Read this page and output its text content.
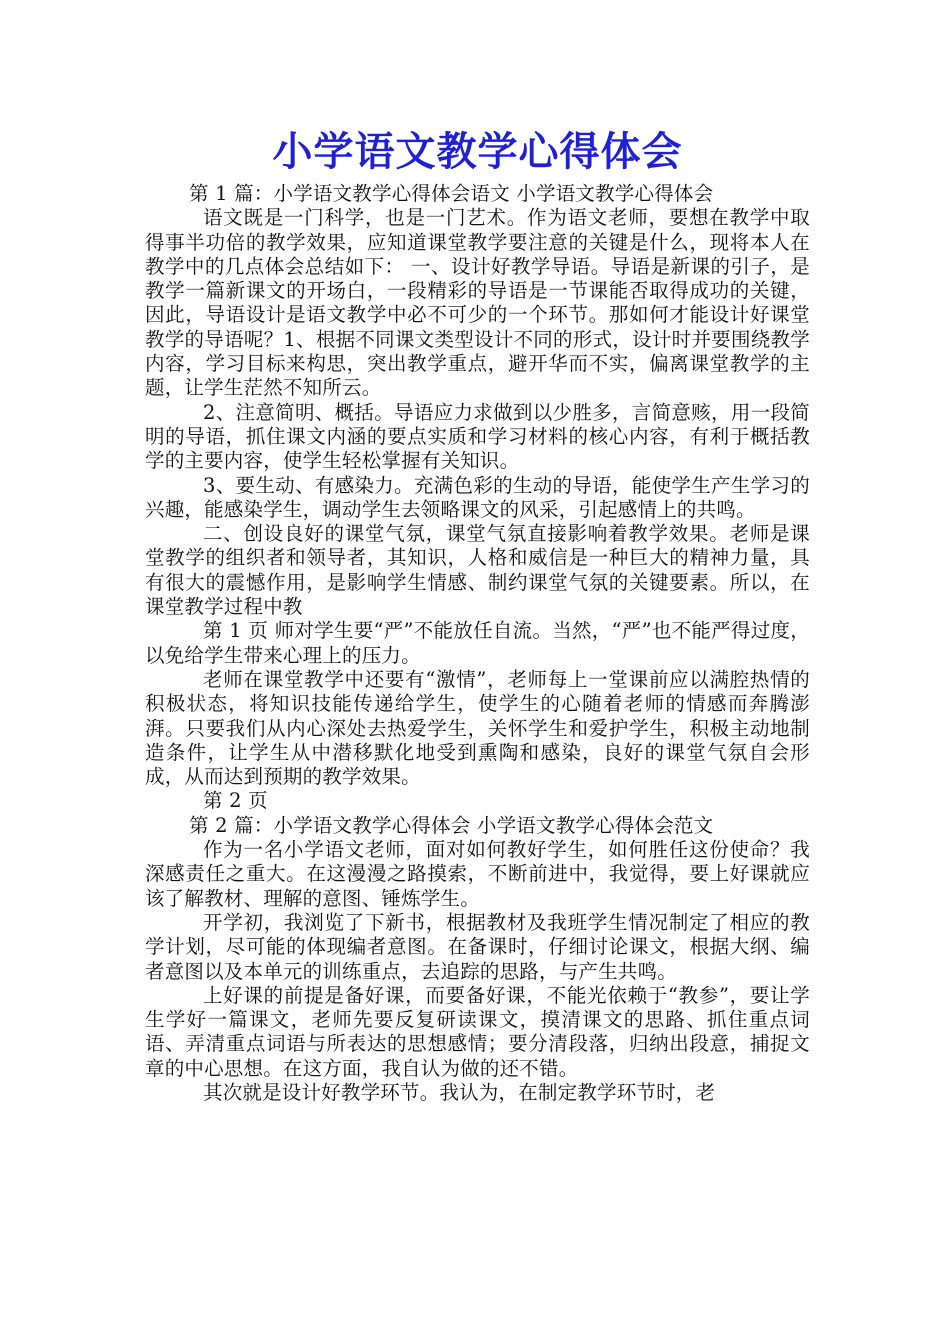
小学语文教学心得体会

第 1 篇：小学语文教学心得体会语文 小学语文教学心得体会

语文既是一门科学，也是一门艺术。作为语文老师，要想在教学中取得事半功倍的教学效果，应知道课堂教学要注意的关键是什么，现将本人在教学中的几点体会总结如下： 一、设计好教学导语。导语是新课的引子，是教学一篇新课文的开场白，一段精彩的导语是一节课能否取得成功的关键，因此，导语设计是语文教学中必不可少的一个环节。那如何才能设计好课堂教学的导语呢？1、根据不同课文类型设计不同的形式，设计时并要围绕教学内容，学习目标来构思，突出教学重点，避开华而不实，偏离课堂教学的主题，让学生茫然不知所云。

2、注意简明、概括。导语应力求做到以少胜多，言简意赅，用一段简明的导语，抓住课文内涵的要点实质和学习材料的核心内容，有利于概括教学的主要内容，使学生轻松掌握有关知识。

3、要生动、有感染力。充满色彩的生动的导语，能使学生产生学习的兴趣，能感染学生，调动学生去领略课文的风采，引起感情上的共鸣。

二、创设良好的课堂气氛，课堂气氛直接影响着教学效果。老师是课堂教学的组织者和领导者，其知识，人格和威信是一种巨大的精神力量，具有很大的震憾作用，是影响学生情感、制约课堂气氛的关键要素。所以，在课堂教学过程中教

第 1 页 师对学生要“严”不能放任自流。当然，“严”也不能严得过度，以免给学生带来心理上的压力。

老师在课堂教学中还要有“激情”，老师每上一堂课前应以满腔热情的积极状态，将知识技能传递给学生，使学生的心随着老师的情感而奔腾澎湃。只要我们从内心深处去热爱学生，关怀学生和爱护学生，积极主动地制造条件，让学生从中潜移默化地受到熏陶和感染，良好的课堂气氛自会形成，从而达到预期的教学效果。

第 2 页

第 2 篇：小学语文教学心得体会 小学语文教学心得体会范文

作为一名小学语文老师，面对如何教好学生，如何胜任这份使命？我深感责任之重大。在这漫漫之路摸索，不断前进中，我觉得，要上好课就应该了解教材、理解的意图、锤炼学生。

开学初，我浏览了下新书，根据教材及我班学生情况制定了相应的教学计划，尽可能的体现编者意图。在备课时，仔细讨论课文，根据大纲、编者意图以及本单元的训练重点，去追踪的思路，与产生共鸣。

上好课的前提是备好课，而要备好课，不能光依赖于“教参”，要让学生学好一篇课文，老师先要反复研读课文，摸清课文的思路、抓住重点词语、弄清重点词语与所表达的思想感情；要分清段落，归纳出段意，捕捉文章的中心思想。在这方面，我自认为做的还不错。

其次就是设计好教学环节。我认为，在制定教学环节时，老
